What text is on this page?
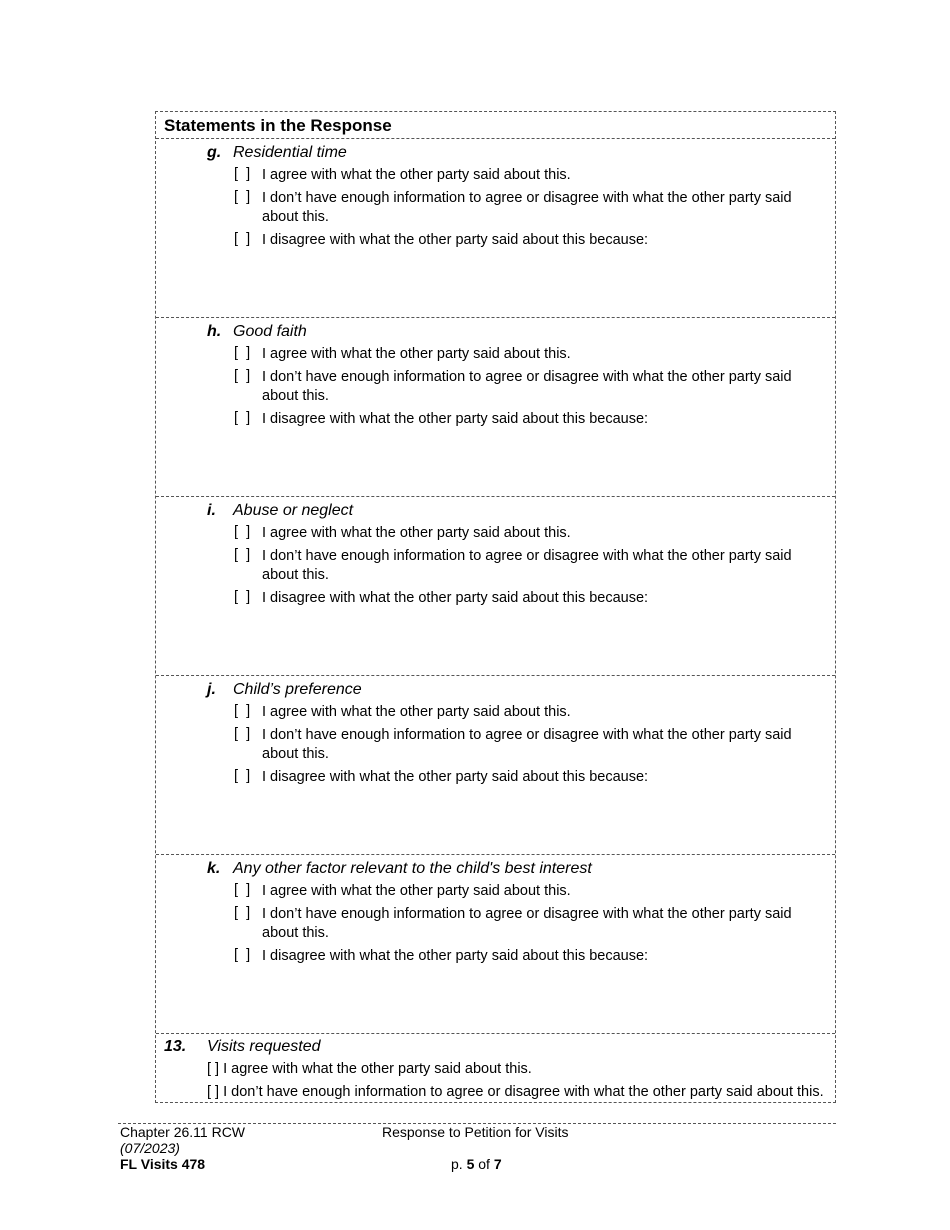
Statements in the Response
g. Residential time
[  ] I agree with what the other party said about this.
[  ] I don’t have enough information to agree or disagree with what the other party said about this.
[  ] I disagree with what the other party said about this because:
h. Good faith
[  ] I agree with what the other party said about this.
[  ] I don’t have enough information to agree or disagree with what the other party said about this.
[  ] I disagree with what the other party said about this because:
i. Abuse or neglect
[  ] I agree with what the other party said about this.
[  ] I don’t have enough information to agree or disagree with what the other party said about this.
[  ] I disagree with what the other party said about this because:
j. Child’s preference
[  ] I agree with what the other party said about this.
[  ] I don’t have enough information to agree or disagree with what the other party said about this.
[  ] I disagree with what the other party said about this because:
k. Any other factor relevant to the child's best interest
[  ] I agree with what the other party said about this.
[  ] I don’t have enough information to agree or disagree with what the other party said about this.
[  ] I disagree with what the other party said about this because:
13. Visits requested
[ ] I agree with what the other party said about this.
[ ] I don’t have enough information to agree or disagree with what the other party said about this.
Chapter 26.11 RCW
(07/2023)
FL Visits 478
Response to Petition for Visits
p. 5 of 7
